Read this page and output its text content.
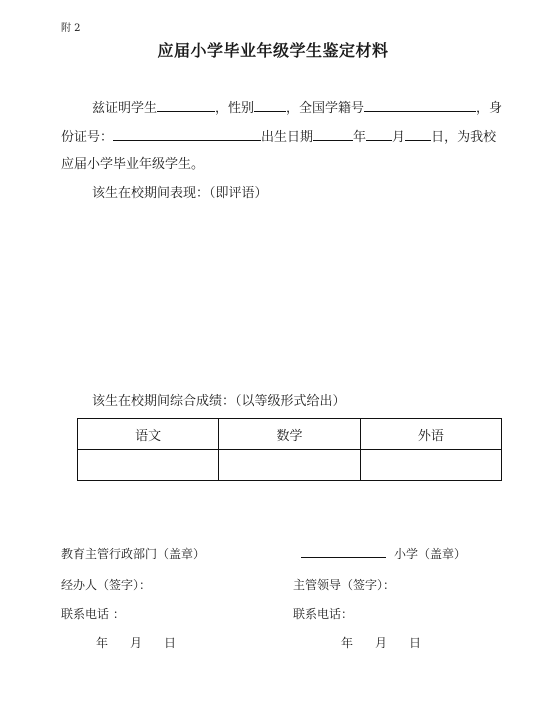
附 2
应届小学毕业年级学生鉴定材料
兹证明学生	，性别 ，全国学籍号	，身
份证号：	出生日期	年 月 日，为我校
应届小学毕业年级学生。
该生在校期间表现：（即评语）
该生在校期间综合成绩：（以等级形式给出）
语文	数学	外语

教育主管行政部门（盖章）
经办人（签字）：
联系电话 ：
年 月 日
小学（盖章）
主管领导（签字）：
联系电话：
年 月 日
